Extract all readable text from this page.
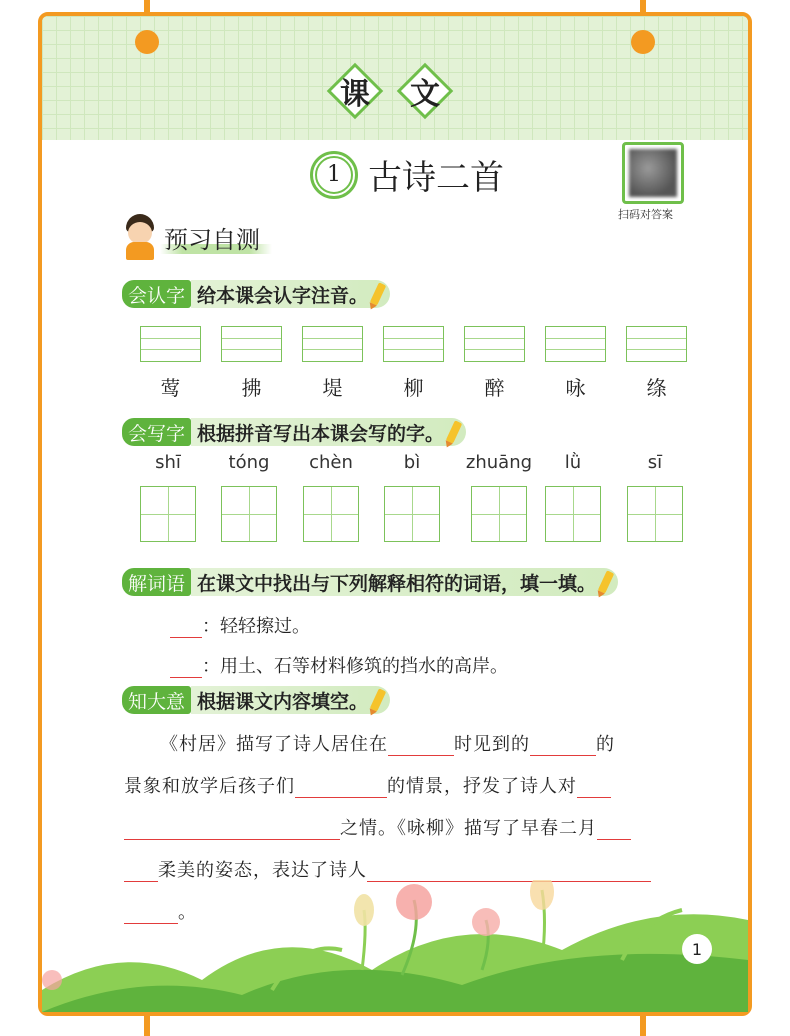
课	文
1 古诗二首
扫码对答案
预习自测
会认字 给本课会认字注音。
莺	拂	堤	柳	醉	咏	绦
会写字 根据拼音写出本课会写的字。
shī	tóng	chèn	bì	zhuāng	lǜ	sī
解词语 在课文中找出与下列解释相符的词语，填一填。
：轻轻擦过。
：用土、石等材料修筑的挡水的高岸。
知大意 根据课文内容填空。
《村居》描写了诗人居住在	时见到的	的
景象和放学后孩子们	的情景，抒发了诗人对
之情。《咏柳》描写了早春二月
柔美的姿态，表达了诗人
。
1
